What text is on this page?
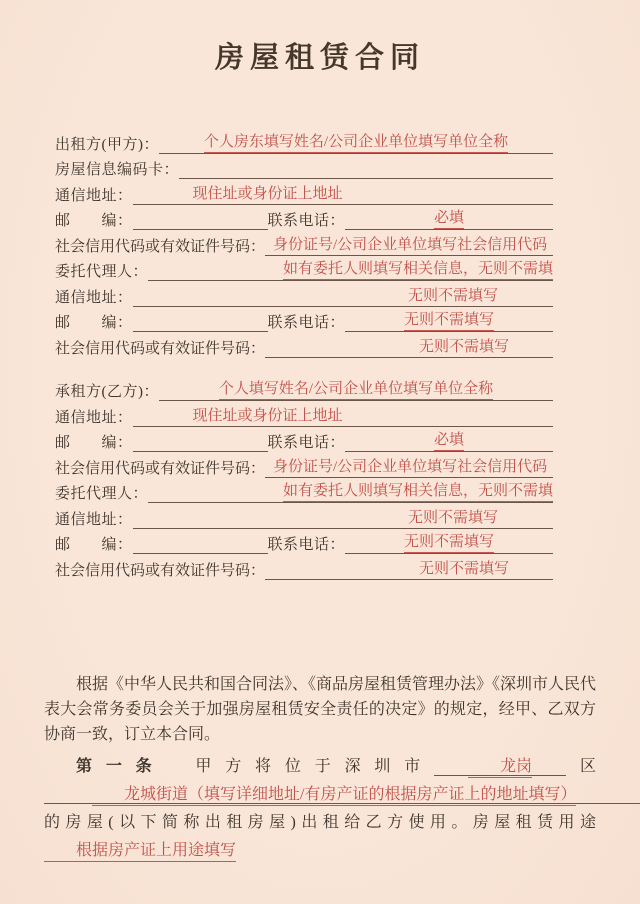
房屋租赁合同
出租方(甲方)：	个人房东填写姓名/公司企业单位填写单位全称
房屋信息编码卡：
通信地址：	现住址或身份证上地址
邮　　编：	联系电话：	必填
社会信用代码或有效证件号码： 身份证号/公司企业单位填写社会信用代码
委托代理人：	如有委托人则填写相关信息，无则不需填
通信地址：	无则不需填写
邮　　编：	联系电话：	无则不需填写
社会信用代码或有效证件号码：	无则不需填写
承租方(乙方)：	个人填写姓名/公司企业单位填写单位全称
通信地址：	现住址或身份证上地址
邮　　编：	联系电话：	必填
社会信用代码或有效证件号码： 身份证号/公司企业单位填写社会信用代码
委托代理人：	如有委托人则填写相关信息，无则不需填
通信地址：	无则不需填写
邮　　编：	联系电话：	无则不需填写
社会信用代码或有效证件号码：	无则不需填写

根据《中华人民共和国合同法》、《商品房屋租赁管理办法》《深圳市人民代表大会常务委员会关于加强房屋租赁安全责任的决定》的规定，经甲、乙双方协商一致，订立本合同。

第一条　甲方将位于深圳市	龙岗 区龙城街道（填写详细地址/有房产证的根据房产证上的地址填写）的房屋(以下简称出租房屋)出租给乙方使用。房屋租赁用途根据房产证上用途填写
